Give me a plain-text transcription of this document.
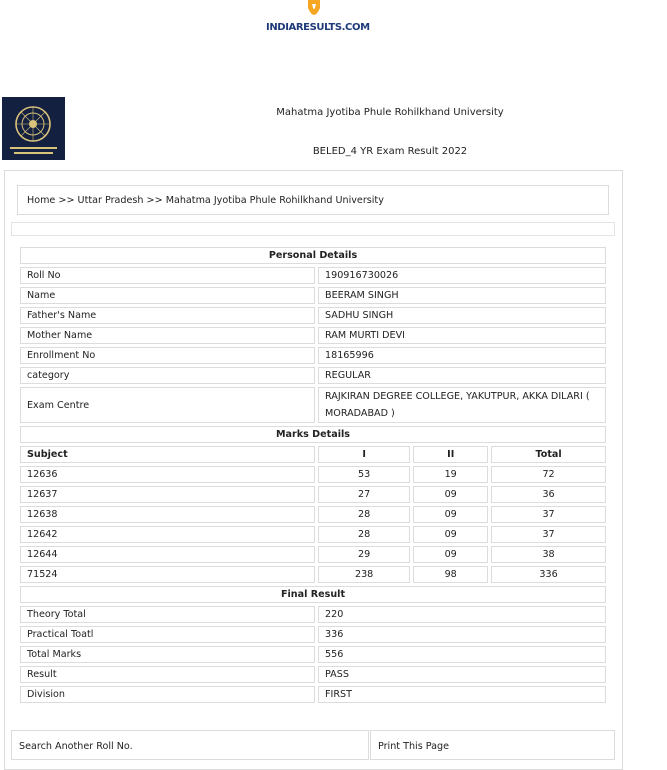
INDIARESULTS.COM
Mahatma Jyotiba Phule Rohilkhand University
BELED_4 YR Exam Result 2022
Home >> Uttar Pradesh >> Mahatma Jyotiba Phule Rohilkhand University
Personal Details			
Roll No	190916730026		
Name	BEERAM SINGH		
Father's Name	SADHU SINGH		
Mother Name	RAM MURTI DEVI		
Enrollment No	18165996		
category	REGULAR		
Exam Centre	RAJKIRAN DEGREE COLLEGE, YAKUTPUR, AKKA DILARI ( MORADABAD )		
Marks Details			
Subject	I	II	Total
12636	53	19	72
12637	27	09	36
12638	28	09	37
12642	28	09	37
12644	29	09	38
71524	238	98	336
Final Result			
Theory Total	220		
Practical Toatl	336		
Total Marks	556		
Result	PASS		
Division	FIRST		
Search Another Roll No.	Print This Page
